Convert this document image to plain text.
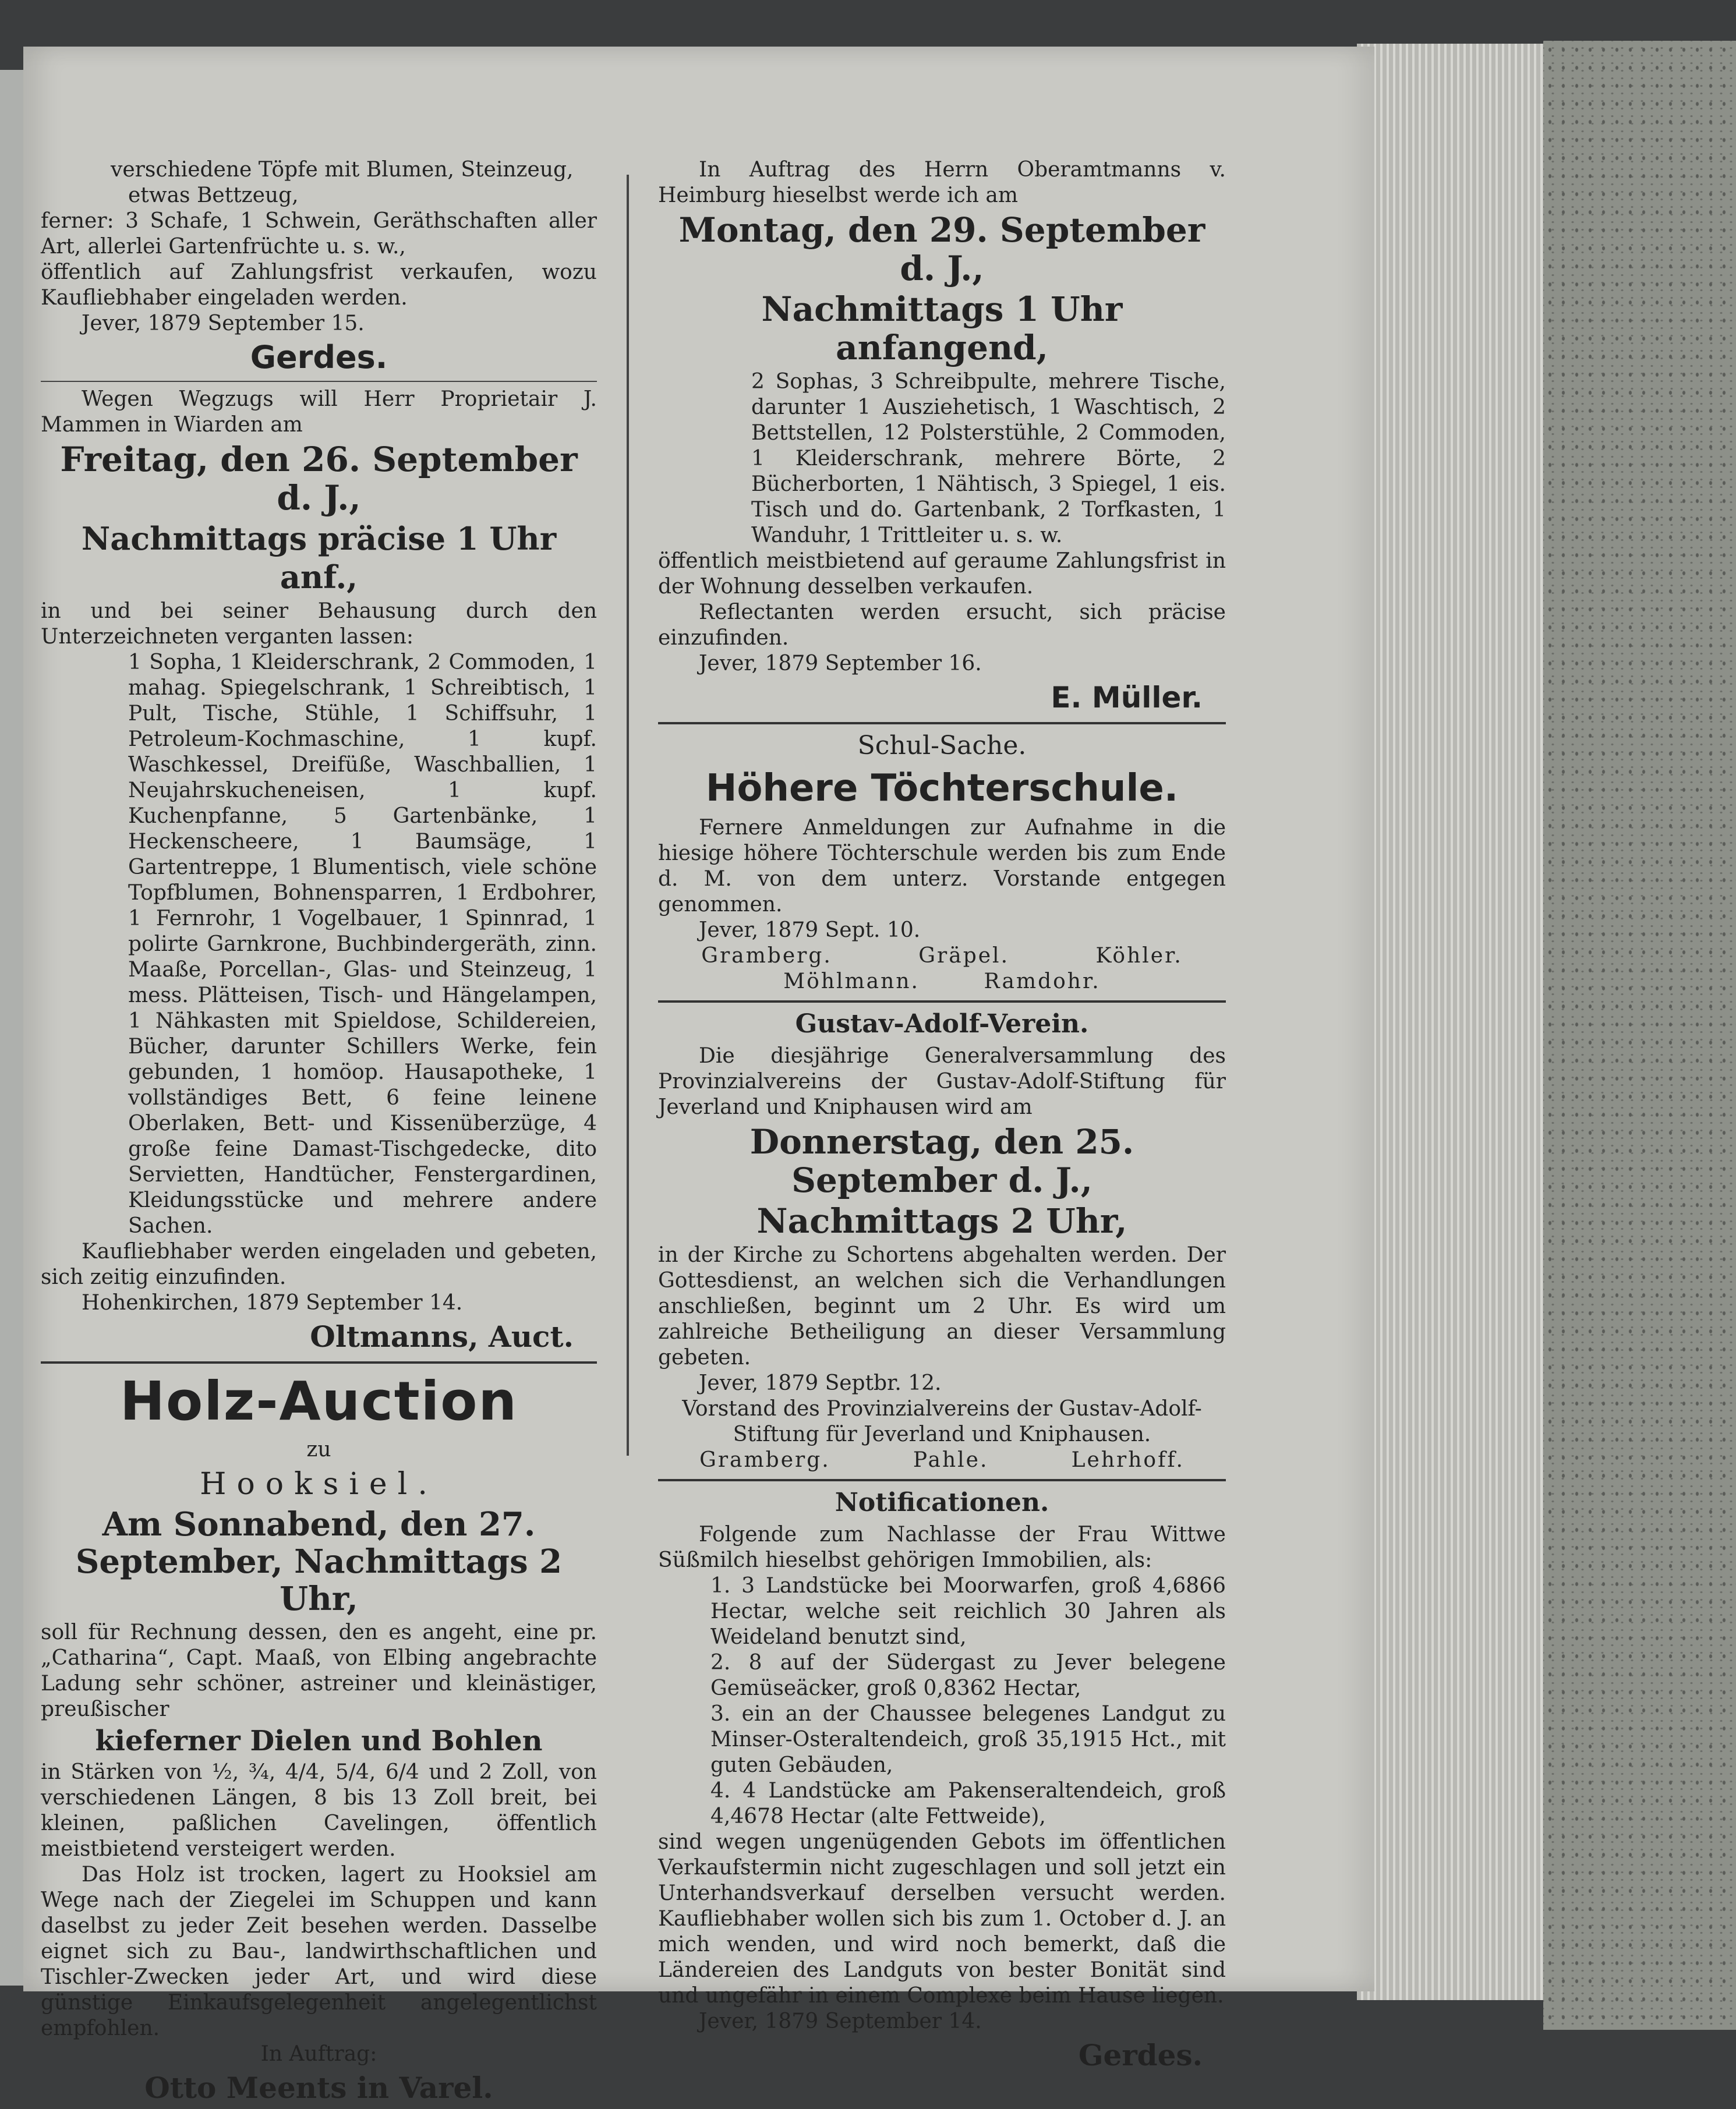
verschiedene Töpfe mit Blumen, Steinzeug,

etwas Bettzeug,

ferner: 3 Schafe, 1 Schwein, Geräthschaften aller Art, allerlei Gartenfrüchte u. s. w.,

öffentlich auf Zahlungsfrist verkaufen, wozu Kaufliebhaber eingeladen werden.

Jever, 1879 September 15.

Gerdes.

Wegen Wegzugs will Herr Proprietair J. Mammen in Wiarden am

Freitag, den 26. September d. J.,

Nachmittags präcise 1 Uhr anf.,

in und bei seiner Behausung durch den Unterzeichneten verganten lassen:

1 Sopha, 1 Kleiderschrank, 2 Commoden, 1 mahag. Spiegelschrank, 1 Schreibtisch, 1 Pult, Tische, Stühle, 1 Schiffsuhr, 1 Petroleum-Kochmaschine, 1 kupf. Waschkessel, Dreifüße, Waschballien, 1 Neujahrskucheneisen, 1 kupf. Kuchenpfanne, 5 Gartenbänke, 1 Heckenscheere, 1 Baumsäge, 1 Gartentreppe, 1 Blumentisch, viele schöne Topfblumen, Bohnensparren, 1 Erdbohrer, 1 Fernrohr, 1 Vogelbauer, 1 Spinnrad, 1 polirte Garnkrone, Buchbindergeräth, zinn. Maaße, Porcellan-, Glas- und Steinzeug, 1 mess. Plätteisen, Tisch- und Hängelampen, 1 Nähkasten mit Spieldose, Schildereien, Bücher, darunter Schillers Werke, fein gebunden, 1 homöop. Hausapotheke, 1 vollständiges Bett, 6 feine leinene Oberlaken, Bett- und Kissenüberzüge, 4 große feine Damast-Tischgedecke, dito Servietten, Handtücher, Fenstergardinen, Kleidungsstücke und mehrere andere Sachen.

Kaufliebhaber werden eingeladen und gebeten, sich zeitig einzufinden.

Hohenkirchen, 1879 September 14.

Oltmanns, Auct.

Holz-Auction

zu

Hooksiel.

Am Sonnabend, den 27. September, Nachmittags 2 Uhr,

soll für Rechnung dessen, den es angeht, eine pr. „Catharina“, Capt. Maaß, von Elbing angebrachte Ladung sehr schöner, astreiner und kleinästiger, preußischer

kieferner Dielen und Bohlen

in Stärken von ½, ¾, 4/4, 5/4, 6/4 und 2 Zoll, von verschiedenen Längen, 8 bis 13 Zoll breit, bei kleinen, paßlichen Cavelingen, öffentlich meistbietend versteigert werden.

Das Holz ist trocken, lagert zu Hooksiel am Wege nach der Ziegelei im Schuppen und kann daselbst zu jeder Zeit besehen werden. Dasselbe eignet sich zu Bau-, landwirthschaftlichen und Tischler-Zwecken jeder Art, und wird diese günstige Einkaufsgelegenheit angelegentlichst empfohlen.

In Auftrag:

Otto Meents in Varel.

In Auftrag des Herrn Oberamtmanns v. Heimburg hieselbst werde ich am

Montag, den 29. September d. J.,

Nachmittags 1 Uhr anfangend,

2 Sophas, 3 Schreibpulte, mehrere Tische, darunter 1 Ausziehetisch, 1 Waschtisch, 2 Bettstellen, 12 Polsterstühle, 2 Commoden, 1 Kleiderschrank, mehrere Börte, 2 Bücherborten, 1 Nähtisch, 3 Spiegel, 1 eis. Tisch und do. Gartenbank, 2 Torfkasten, 1 Wanduhr, 1 Trittleiter u. s. w.

öffentlich meistbietend auf geraume Zahlungsfrist in der Wohnung desselben verkaufen.

Reflectanten werden ersucht, sich präcise einzufinden.

Jever, 1879 September 16.

E. Müller.

Schul-Sache.

Höhere Töchterschule.

Fernere Anmeldungen zur Aufnahme in die hiesige höhere Töchterschule werden bis zum Ende d. M. von dem unterz. Vorstande entgegen genommen.

Jever, 1879 Sept. 10.

Gramberg.	Gräpel.	Köhler.
Möhlmann.	Ramdohr.

Gustav-Adolf-Verein.

Die diesjährige Generalversammlung des Provinzialvereins der Gustav-Adolf-Stiftung für Jeverland und Kniphausen wird am

Donnerstag, den 25. September d. J.,

Nachmittags 2 Uhr,

in der Kirche zu Schortens abgehalten werden. Der Gottesdienst, an welchen sich die Verhandlungen anschließen, beginnt um 2 Uhr. Es wird um zahlreiche Betheiligung an dieser Versammlung gebeten.

Jever, 1879 Septbr. 12.

Vorstand des Provinzialvereins der Gustav-Adolf-Stiftung für Jeverland und Kniphausen.

Gramberg.	Pahle.	Lehrhoff.

Notificationen.

Folgende zum Nachlasse der Frau Wittwe Süßmilch hieselbst gehörigen Immobilien, als:

1. 3 Landstücke bei Moorwarfen, groß 4,6866 Hectar, welche seit reichlich 30 Jahren als Weideland benutzt sind,

2. 8 auf der Südergast zu Jever belegene Gemüseäcker, groß 0,8362 Hectar,

3. ein an der Chaussee belegenes Landgut zu Minser-Osteraltendeich, groß 35,1915 Hct., mit guten Gebäuden,

4. 4 Landstücke am Pakenseraltendeich, groß 4,4678 Hectar (alte Fettweide),

sind wegen ungenügenden Gebots im öffentlichen Verkaufstermin nicht zugeschlagen und soll jetzt ein Unterhandsverkauf derselben versucht werden. Kaufliebhaber wollen sich bis zum 1. October d. J. an mich wenden, und wird noch bemerkt, daß die Ländereien des Landguts von bester Bonität sind und ungefähr in einem Complexe beim Hause liegen.

Jever, 1879 September 14.

Gerdes.
